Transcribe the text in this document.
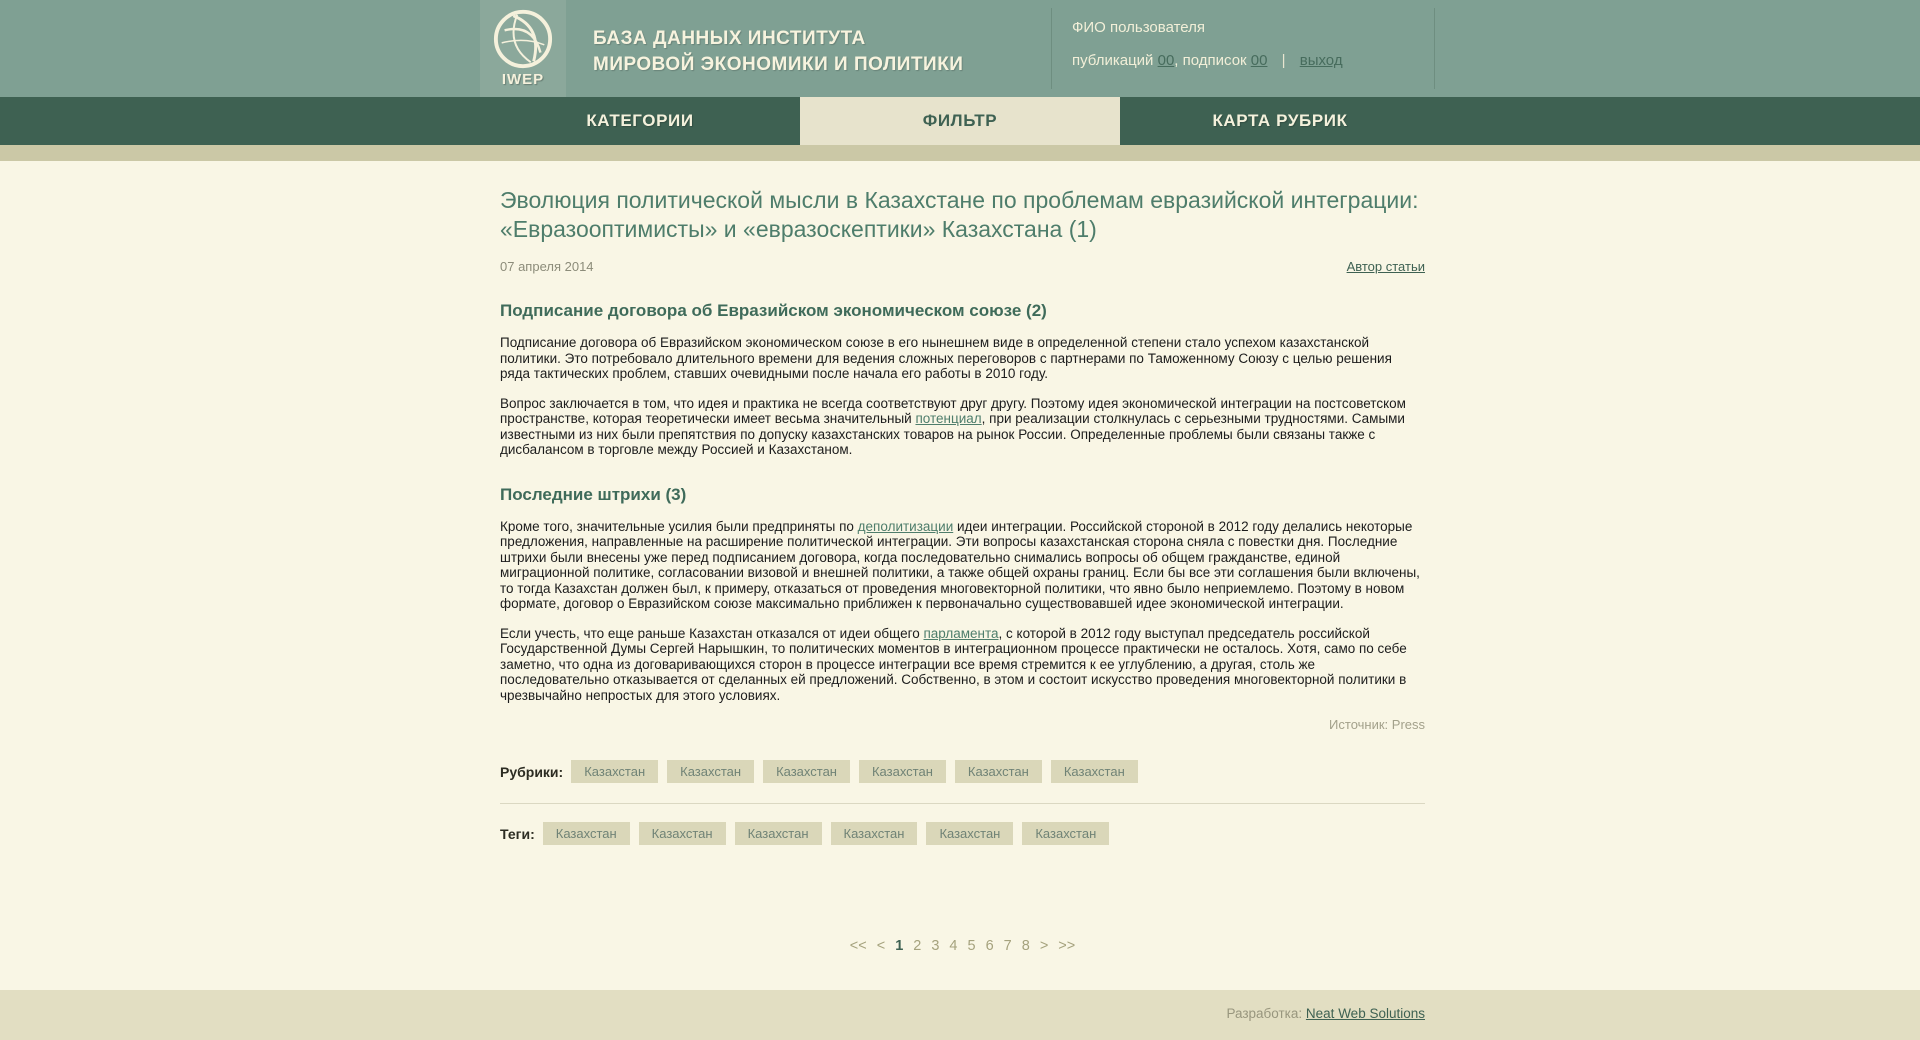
IWEP
БАЗА ДАННЫХ ИНСТИТУТА
МИРОВОЙ ЭКОНОМИКИ И ПОЛИТИКИ
ФИО пользователя
публикаций 00, подписок 00 | выход
КАТЕГОРИИ	ФИЛЬТР	КАРТА РУБРИК
Эволюция политической мысли в Казахстане по проблемам евразийской интеграции: «Евразооптимисты» и «евразоскептики» Казахстана (1)
07 апреля 2014	Автор статьи
Подписание договора об Евразийском экономическом союзе (2)

Подписание договора об Евразийском экономическом союзе в его нынешнем виде в определенной степени стало успехом казахстанской политики. Это потребовало длительного времени для ведения сложных переговоров с партнерами по Таможенному Союзу с целью решения ряда тактических проблем, ставших очевидными после начала его работы в 2010 году.

Вопрос заключается в том, что идея и практика не всегда соответствуют друг другу. Поэтому идея экономической интеграции на постсоветском пространстве, которая теоретически имеет весьма значительный потенциал, при реализации столкнулась с серьезными трудностями. Самыми известными из них были препятствия по допуску казахстанских товаров на рынок России. Определенные проблемы были связаны также с дисбалансом в торговле между Россией и Казахстаном.

Последние штрихи (3)

Кроме того, значительные усилия были предприняты по деполитизации идеи интеграции. Российской стороной в 2012 году делались некоторые предложения, направленные на расширение политической интеграции. Эти вопросы казахстанская сторона сняла с повестки дня. Последние штрихи были внесены уже перед подписанием договора, когда последовательно снимались вопросы об общем гражданстве, единой миграционной политике, согласовании визовой и внешней политики, а также общей охраны границ. Если бы все эти соглашения были включены, то тогда Казахстан должен был, к примеру, отказаться от проведения многовекторной политики, что явно было неприемлемо. Поэтому в новом формате, договор о Евразийском союзе максимально приближен к первоначально существовавшей идее экономической интеграции.

Если учесть, что еще раньше Казахстан отказался от идеи общего парламента, с которой в 2012 году выступал председатель российской Государственной Думы Сергей Нарышкин, то политических моментов в интеграционном процессе практически не осталось. Хотя, само по себе заметно, что одна из договаривающихся сторон в процессе интеграции все время стремится к ее углублению, а другая, столь же последовательно отказывается от сделанных ей предложений. Собственно, в этом и состоит искусство проведения многовекторной политики в чрезвычайно непростых для этого условиях.

Источник: Press
Рубрики:	Казахстан	Казахстан	Казахстан	Казахстан	Казахстан	Казахстан
Теги:	Казахстан	Казахстан	Казахстан	Казахстан	Казахстан	Казахстан
<< < 1 2 3 4 5 6 7 8 > >>
Разработка: Neat Web Solutions
